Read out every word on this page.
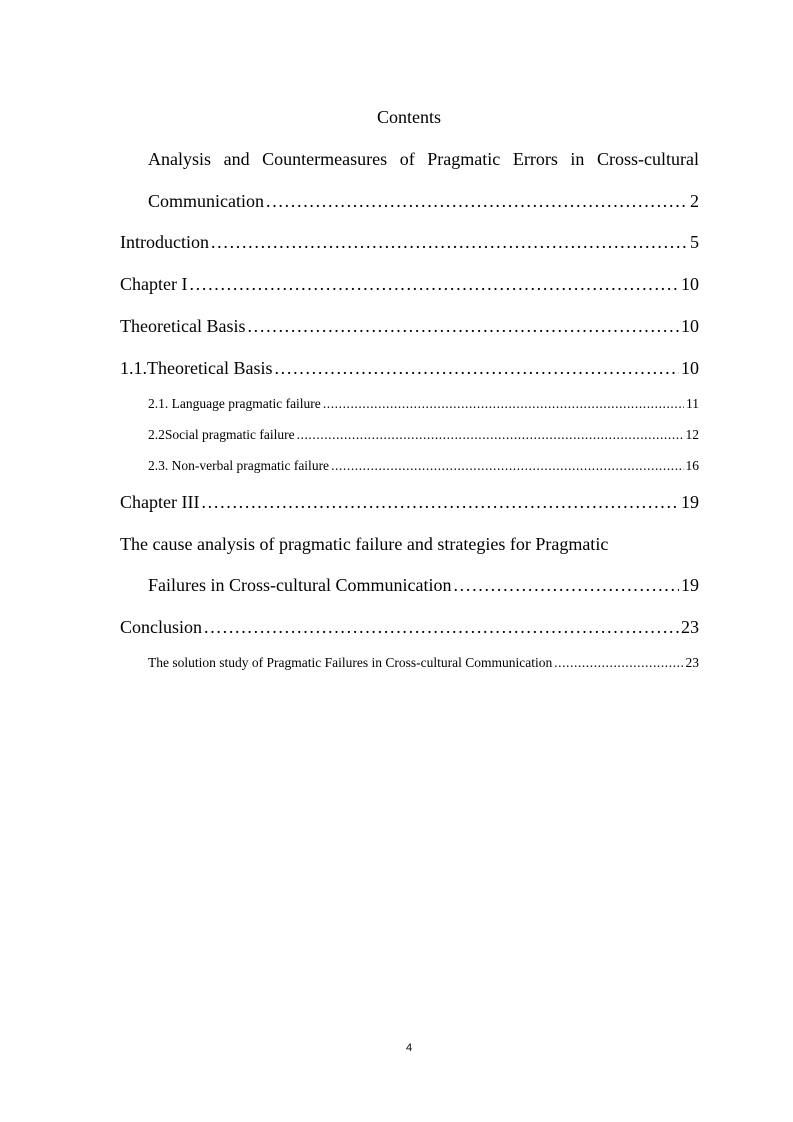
Contents
Analysis and Countermeasures of Pragmatic Errors in Cross-cultural
Communication . . .	2
Introduction . . .	5
Chapter I . . .	10
Theoretical Basis . . .	10
1.1.Theoretical Basis . . .	10
2.1. Language pragmatic failure . . .	11
2.2Social pragmatic failure . . .	12
2.3. Non-verbal pragmatic failure . . .	16
Chapter III . . .	19
The cause analysis of pragmatic failure and strategies for Pragmatic
Failures in Cross-cultural Communication . . .	19
Conclusion . . .	23
The solution study of Pragmatic Failures in Cross-cultural Communication . . .	23
4
